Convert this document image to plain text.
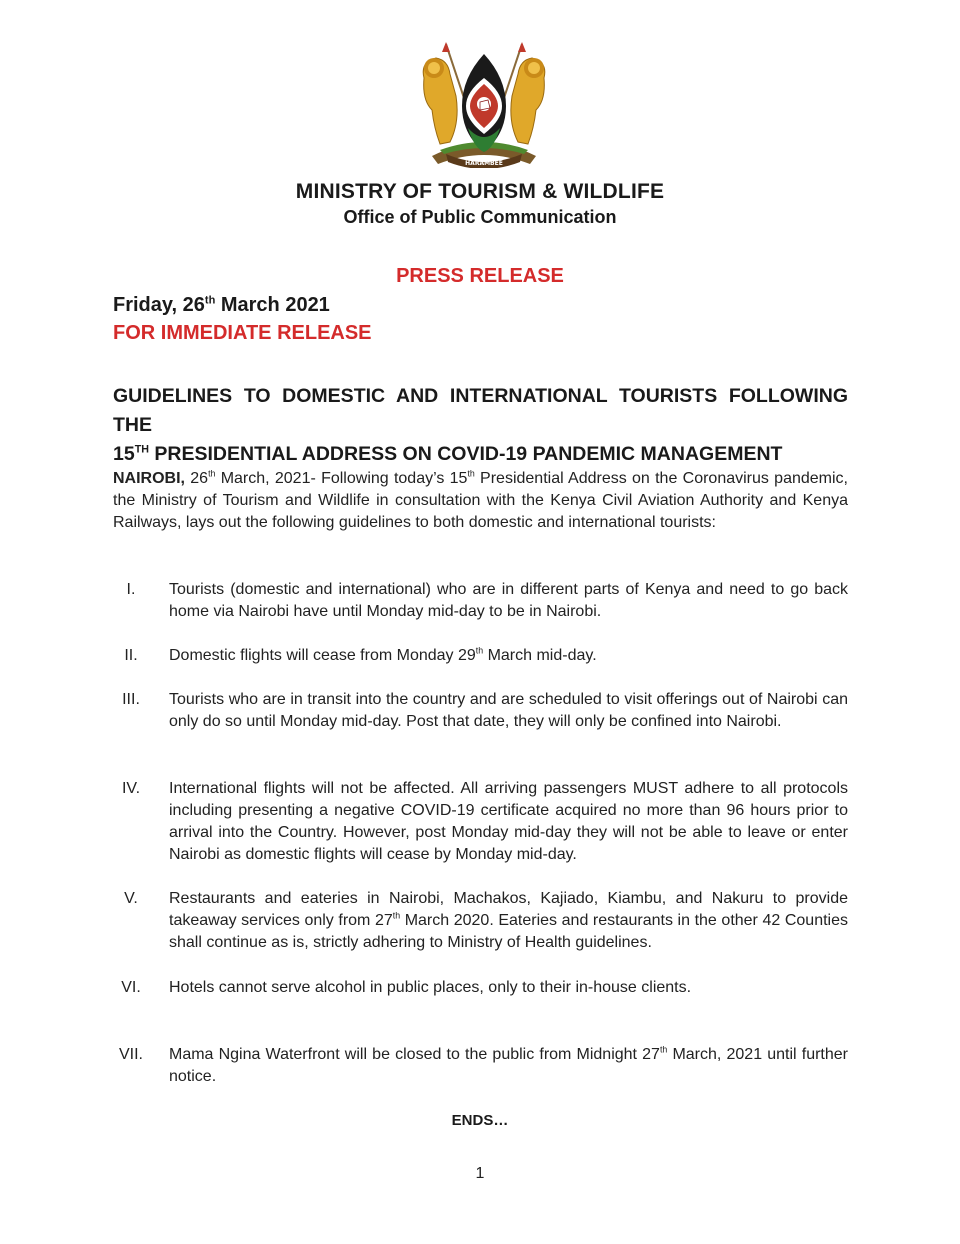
HARAMBEE
MINISTRY OF TOURISM & WILDLIFE
Office of Public Communication
PRESS RELEASE
Friday, 26th March 2021
FOR IMMEDIATE RELEASE
GUIDELINES TO DOMESTIC AND INTERNATIONAL TOURISTS FOLLOWING THE
15TH PRESIDENTIAL ADDRESS ON COVID-19 PANDEMIC MANAGEMENT
NAIROBI, 26th March, 2021- Following today’s 15th Presidential Address on the Coronavirus pandemic, the Ministry of Tourism and Wildlife in consultation with the Kenya Civil Aviation Authority and Kenya Railways, lays out the following guidelines to both domestic and international tourists:
I.	Tourists (domestic and international) who are in different parts of Kenya and need to go back home via Nairobi have until Monday mid-day to be in Nairobi.
II.	Domestic flights will cease from Monday 29th March mid-day.
III.	Tourists who are in transit into the country and are scheduled to visit offerings out of Nairobi can only do so until Monday mid-day. Post that date, they will only be confined into Nairobi.
IV.	International flights will not be affected. All arriving passengers MUST adhere to all protocols including presenting a negative COVID-19 certificate acquired no more than 96 hours prior to arrival into the Country. However, post Monday mid-day they will not be able to leave or enter Nairobi as domestic flights will cease by Monday mid-day.
V.	Restaurants and eateries in Nairobi, Machakos, Kajiado, Kiambu, and Nakuru to provide takeaway services only from 27th March 2020. Eateries and restaurants in the other 42 Counties shall continue as is, strictly adhering to Ministry of Health guidelines.
VI.	Hotels cannot serve alcohol in public places, only to their in-house clients.
VII.	Mama Ngina Waterfront will be closed to the public from Midnight 27th March, 2021 until further notice.
ENDS…
1
